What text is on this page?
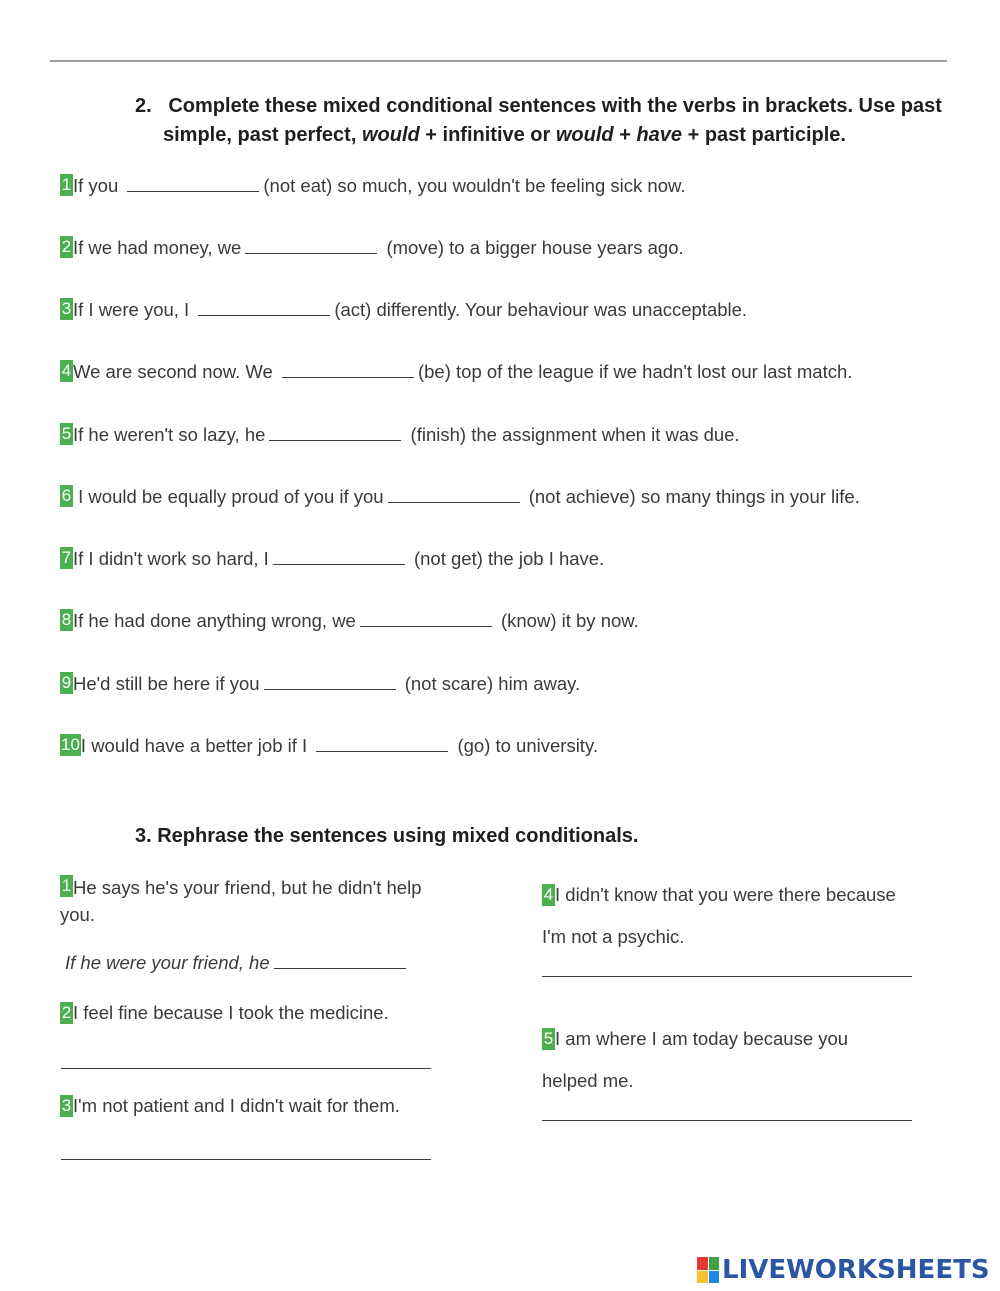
2. Complete these mixed conditional sentences with the verbs in brackets. Use past
simple, past perfect, would + infinitive or would + have + past participle.
1If you	(not eat) so much, you wouldn't be feeling sick now.
2If we had money, we	(move) to a bigger house years ago.
3If I were you, I	(act) differently. Your behaviour was unacceptable.
4We are second now. We	(be) top of the league if we hadn't lost our last match.
5If he weren't so lazy, he	(finish) the assignment when it was due.
6 I would be equally proud of you if you	(not achieve) so many things in your life.
7If I didn't work so hard, I	(not get) the job I have.
8If he had done anything wrong, we	(know) it by now.
9He'd still be here if you	(not scare) him away.
10I would have a better job if I	(go) to university.
3. Rephrase the sentences using mixed conditionals.
1He says he's your friend, but he didn't help
you.
If he were your friend, he
2I feel fine because I took the medicine.
3I'm not patient and I didn't wait for them.
4I didn't know that you were there because
I'm not a psychic.
5I am where I am today because you
helped me.
LIVEWORKSHEETS
